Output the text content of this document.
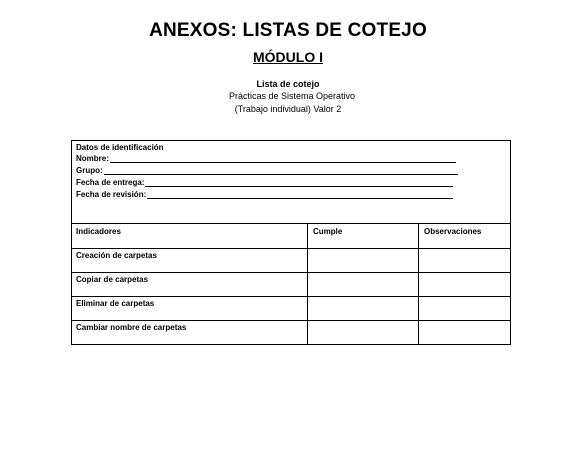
ANEXOS: LISTAS DE COTEJO
MÓDULO I
Lista de cotejo
Prácticas de Sistema Operativo
(Trabajo individual) Valor 2
Datos de identificación
Nombre:
Grupo:
Fecha de entrega:
Fecha de revisión:
Indicadores	Cumple	Observaciones
Creación de carpetas
Copiar de carpetas
Eliminar de carpetas
Cambiar nombre de carpetas
